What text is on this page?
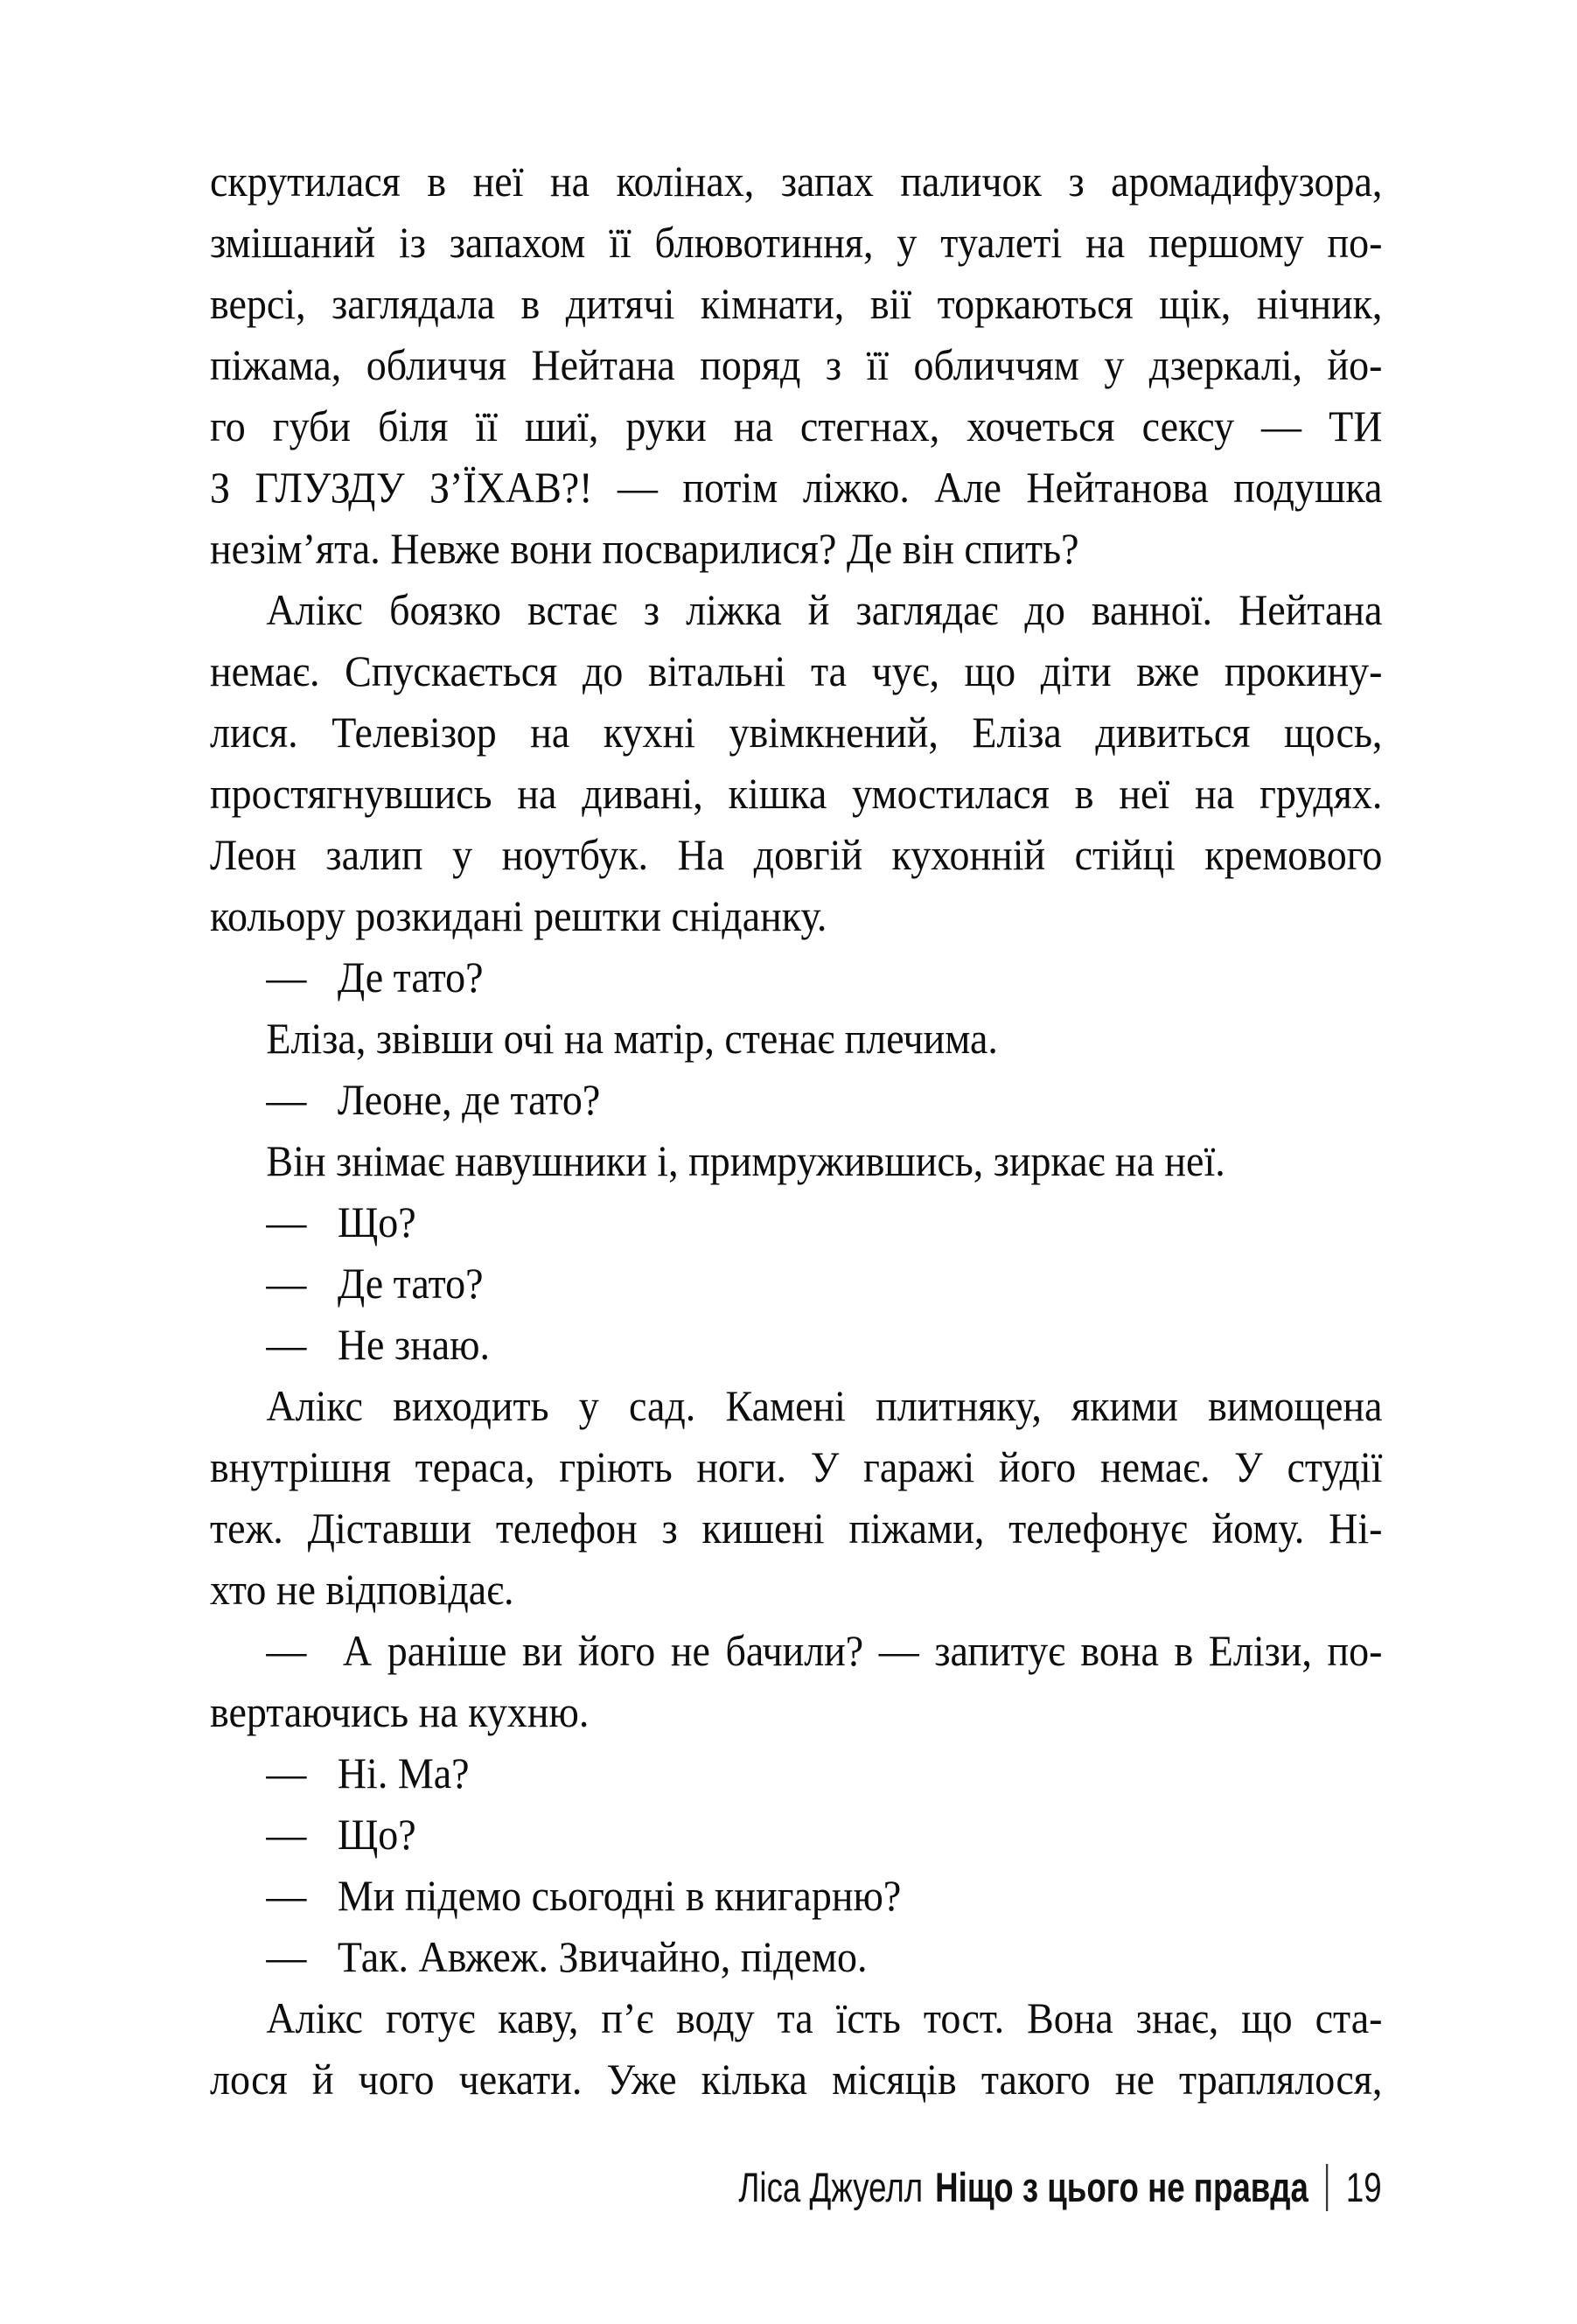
скрутилася в неї на колінах, запах паличок з аромадифузора,
змішаний із запахом її блювотиння, у туалеті на першому по-
версі, заглядала в дитячі кімнати, вії торкаються щік, нічник,
піжама, обличчя Нейтана поряд з її обличчям у дзеркалі, йо-
го губи біля її шиї, руки на стегнах, хочеться сексу — ТИ
З ГЛУЗДУ З’ЇХАВ?! — потім ліжко. Але Нейтанова подушка
незім’ята. Невже вони посварилися? Де він спить?
Алікс боязко встає з ліжка й заглядає до ванної. Нейтана
немає. Спускається до вітальні та чує, що діти вже прокину-
лися. Телевізор на кухні увімкнений, Еліза дивиться щось,
простягнувшись на дивані, кішка умостилася в неї на грудях.
Леон залип у ноутбук. На довгій кухонній стійці кремового
кольору розкидані рештки сніданку.
— Де тато?
Еліза, звівши очі на матір, стенає плечима.
— Леоне, де тато?
Він знімає навушники і, примружившись, зиркає на неї.
— Що?
— Де тато?
— Не знаю.
Алікс виходить у сад. Камені плитняку, якими вимощена
внутрішня тераса, гріють ноги. У гаражі його немає. У студії
теж. Діставши телефон з кишені піжами, телефонує йому. Ні-
хто не відповідає.
— А раніше ви його не бачили? — запитує вона в Елізи, по-
вертаючись на кухню.
— Ні. Ма?
— Що?
— Ми підемо сьогодні в книгарню?
— Так. Авжеж. Звичайно, підемо.
Алікс готує каву, п’є воду та їсть тост. Вона знає, що ста-
лося й чого чекати. Уже кілька місяців такого не траплялося,
Ліса Джуелл Ніщо з цього не правда 19
